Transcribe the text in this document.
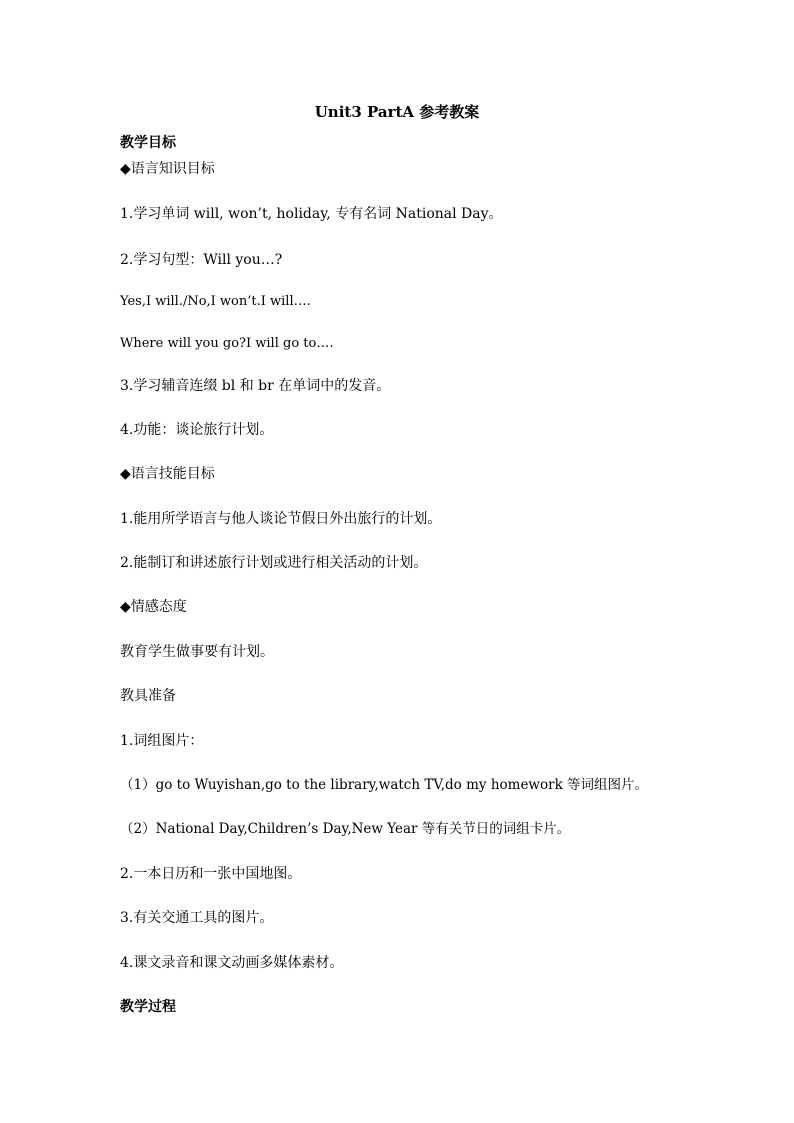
Unit3 PartA 参考教案
教学目标
◆语言知识目标
1.学习单词 will, won’t, holiday, 专有名词 National Day。
2.学习句型：Will you…?
Yes,I will./No,I won’t.I will….
Where will you go?I will go to….
3.学习辅音连缀 bl 和 br 在单词中的发音。
4.功能：谈论旅行计划。
◆语言技能目标
1.能用所学语言与他人谈论节假日外出旅行的计划。
2.能制订和讲述旅行计划或进行相关活动的计划。
◆情感态度
教育学生做事要有计划。
教具准备
1.词组图片：
（1）go to Wuyishan,go to the library,watch TV,do my homework 等词组图片。
（2）National Day,Children’s Day,New Year 等有关节日的词组卡片。
2.一本日历和一张中国地图。
3.有关交通工具的图片。
4.课文录音和课文动画多媒体素材。
教学过程
